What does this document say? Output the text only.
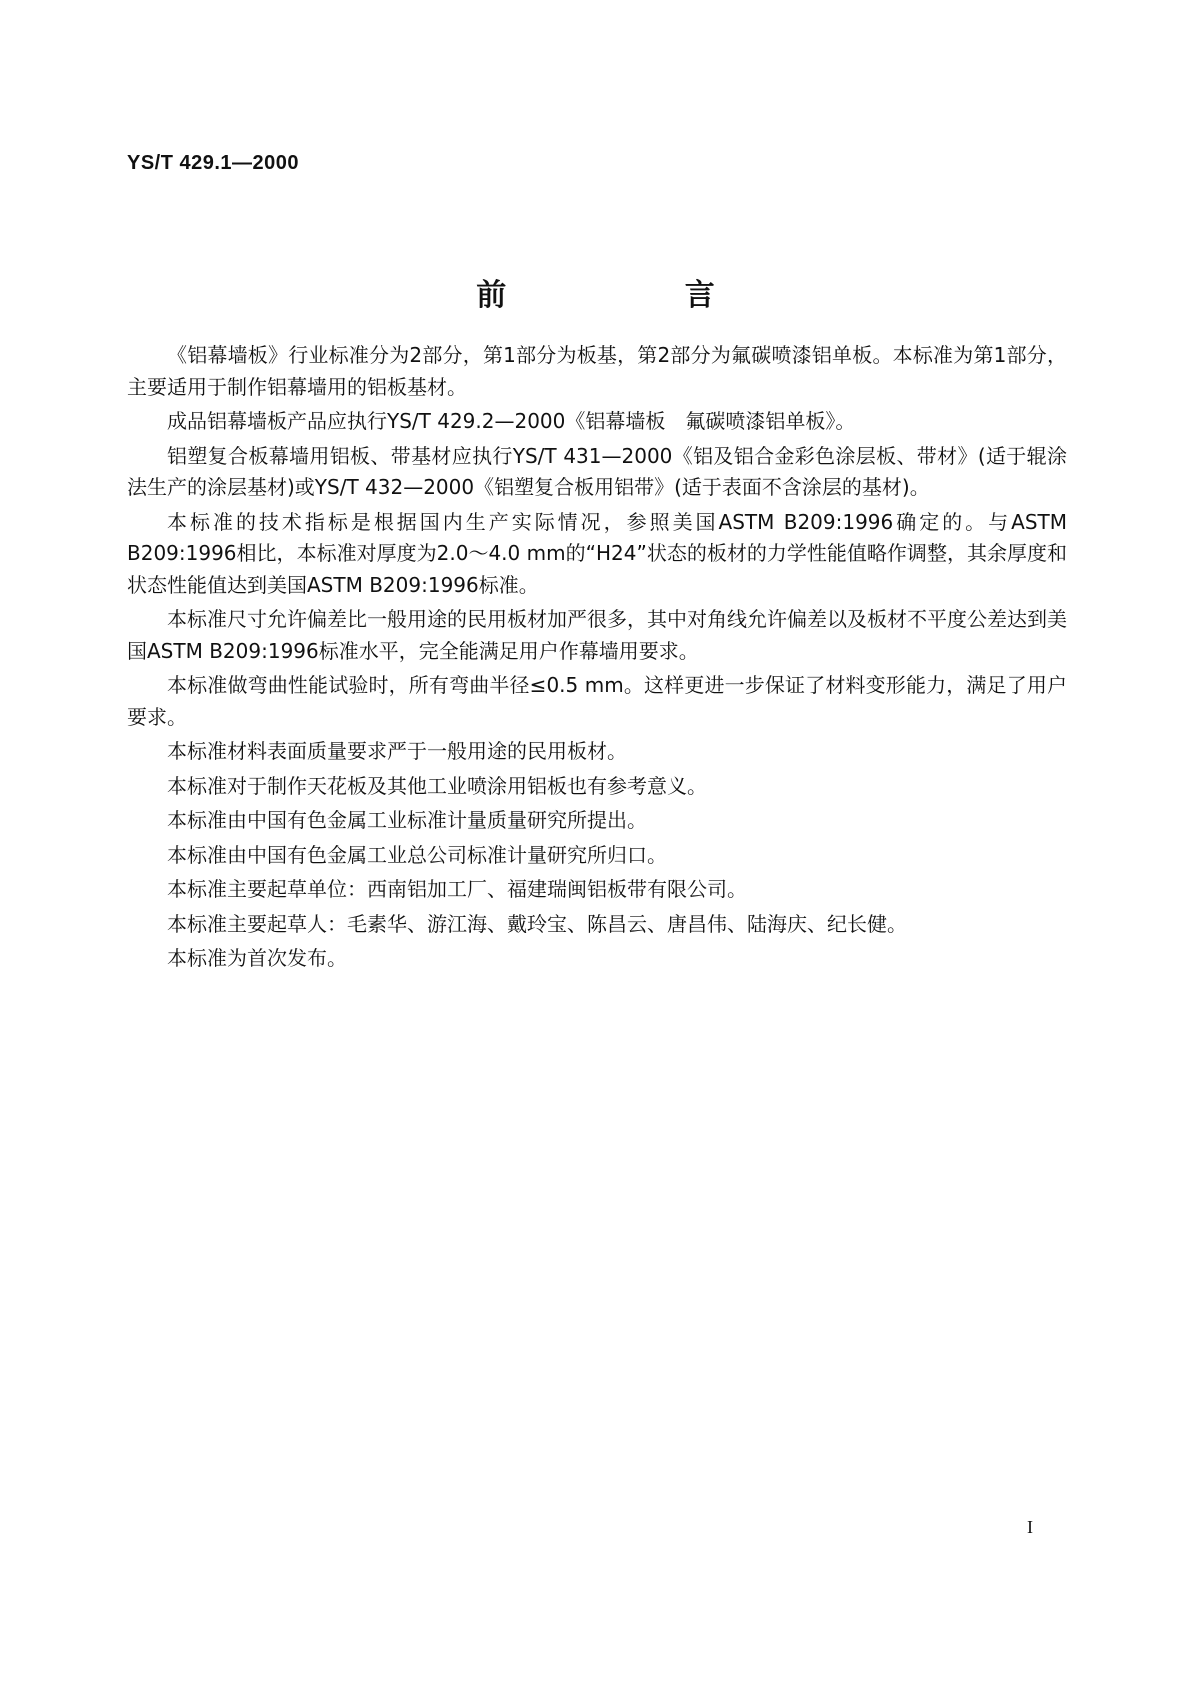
YS/T 429.1—2000
前 言

《铝幕墙板》行业标准分为2部分，第1部分为板基，第2部分为氟碳喷漆铝单板。本标准为第1部分，主要适用于制作铝幕墙用的铝板基材。

成品铝幕墙板产品应执行YS/T 429.2—2000《铝幕墙板　氟碳喷漆铝单板》。

铝塑复合板幕墙用铝板、带基材应执行YS/T 431—2000《铝及铝合金彩色涂层板、带材》(适于辊涂法生产的涂层基材)或YS/T 432—2000《铝塑复合板用铝带》(适于表面不含涂层的基材)。

本标准的技术指标是根据国内生产实际情况，参照美国ASTM B209:1996确定的。与ASTM B209:1996相比，本标准对厚度为2.0～4.0 mm的“H24”状态的板材的力学性能值略作调整，其余厚度和状态性能值达到美国ASTM B209:1996标准。

本标准尺寸允许偏差比一般用途的民用板材加严很多，其中对角线允许偏差以及板材不平度公差达到美国ASTM B209:1996标准水平，完全能满足用户作幕墙用要求。

本标准做弯曲性能试验时，所有弯曲半径≤0.5 mm。这样更进一步保证了材料变形能力，满足了用户要求。

本标准材料表面质量要求严于一般用途的民用板材。

本标准对于制作天花板及其他工业喷涂用铝板也有参考意义。

本标准由中国有色金属工业标准计量质量研究所提出。

本标准由中国有色金属工业总公司标准计量研究所归口。

本标准主要起草单位：西南铝加工厂、福建瑞闽铝板带有限公司。

本标准主要起草人：毛素华、游江海、戴玲宝、陈昌云、唐昌伟、陆海庆、纪长健。

本标准为首次发布。

I
